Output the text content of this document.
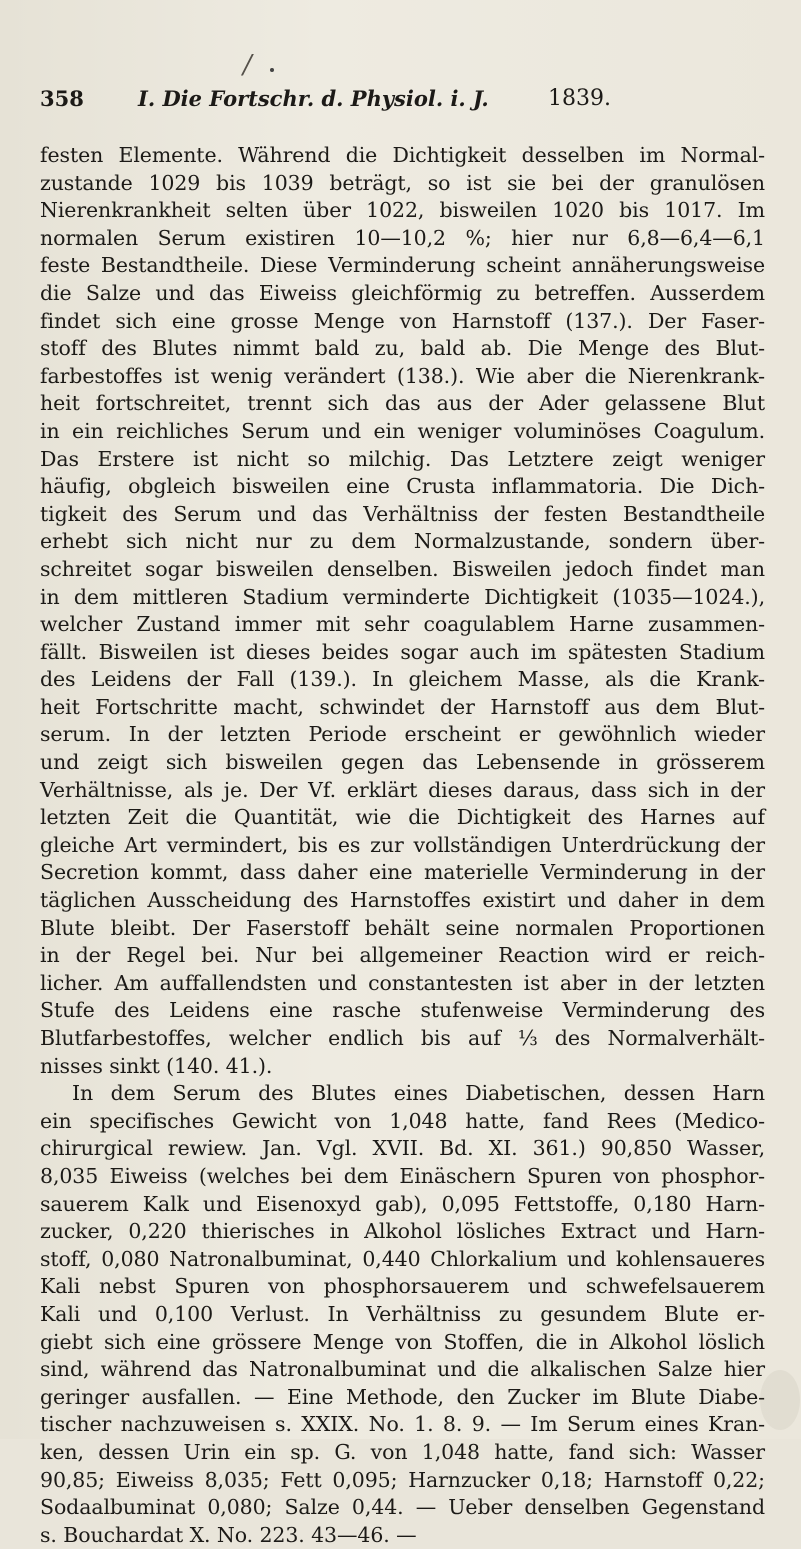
/
358	I. Die Fortschr. d. Physiol. i. J.	1839.
festen Elemente. Während die Dichtigkeit desselben im Normal-
zustande 1029 bis 1039 beträgt, so ist sie bei der granulösen
Nierenkrankheit selten über 1022, bisweilen 1020 bis 1017. Im
normalen Serum existiren 10—10,2 %; hier nur 6,8—6,4—6,1
feste Bestandtheile. Diese Verminderung scheint annäherungsweise
die Salze und das Eiweiss gleichförmig zu betreffen. Ausserdem
findet sich eine grosse Menge von Harnstoff (137.). Der Faser-
stoff des Blutes nimmt bald zu, bald ab. Die Menge des Blut-
farbestoffes ist wenig verändert (138.). Wie aber die Nierenkrank-
heit fortschreitet, trennt sich das aus der Ader gelassene Blut
in ein reichliches Serum und ein weniger voluminöses Coagulum.
Das Erstere ist nicht so milchig. Das Letztere zeigt weniger
häufig, obgleich bisweilen eine Crusta inflammatoria. Die Dich-
tigkeit des Serum und das Verhältniss der festen Bestandtheile
erhebt sich nicht nur zu dem Normalzustande, sondern über-
schreitet sogar bisweilen denselben. Bisweilen jedoch findet man
in dem mittleren Stadium verminderte Dichtigkeit (1035—1024.),
welcher Zustand immer mit sehr coagulablem Harne zusammen-
fällt. Bisweilen ist dieses beides sogar auch im spätesten Stadium
des Leidens der Fall (139.). In gleichem Masse, als die Krank-
heit Fortschritte macht, schwindet der Harnstoff aus dem Blut-
serum. In der letzten Periode erscheint er gewöhnlich wieder
und zeigt sich bisweilen gegen das Lebensende in grösserem
Verhältnisse, als je. Der Vf. erklärt dieses daraus, dass sich in der
letzten Zeit die Quantität, wie die Dichtigkeit des Harnes auf
gleiche Art vermindert, bis es zur vollständigen Unterdrückung der
Secretion kommt, dass daher eine materielle Verminderung in der
täglichen Ausscheidung des Harnstoffes existirt und daher in dem
Blute bleibt. Der Faserstoff behält seine normalen Proportionen
in der Regel bei. Nur bei allgemeiner Reaction wird er reich-
licher. Am auffallendsten und constantesten ist aber in der letzten
Stufe des Leidens eine rasche stufenweise Verminderung des
Blutfarbestoffes, welcher endlich bis auf ⅓ des Normalverhält-
nisses sinkt (140. 41.).
In dem Serum des Blutes eines Diabetischen, dessen Harn
ein specifisches Gewicht von 1,048 hatte, fand Rees (Medico-
chirurgical rewiew. Jan. Vgl. XVII. Bd. XI. 361.) 90,850 Wasser,
8,035 Eiweiss (welches bei dem Einäschern Spuren von phosphor-
sauerem Kalk und Eisenoxyd gab), 0,095 Fettstoffe, 0,180 Harn-
zucker, 0,220 thierisches in Alkohol lösliches Extract und Harn-
stoff, 0,080 Natronalbuminat, 0,440 Chlorkalium und kohlensaueres
Kali nebst Spuren von phosphorsauerem und schwefelsauerem
Kali und 0,100 Verlust. In Verhältniss zu gesundem Blute er-
giebt sich eine grössere Menge von Stoffen, die in Alkohol löslich
sind, während das Natronalbuminat und die alkalischen Salze hier
geringer ausfallen. — Eine Methode, den Zucker im Blute Diabe-
tischer nachzuweisen s. XXIX. No. 1. 8. 9. — Im Serum eines Kran-
ken, dessen Urin ein sp. G. von 1,048 hatte, fand sich: Wasser
90,85; Eiweiss 8,035; Fett 0,095; Harnzucker 0,18; Harnstoff 0,22;
Sodaalbuminat 0,080; Salze 0,44. — Ueber denselben Gegenstand
s. Bouchardat X. No. 223. 43—46. —
